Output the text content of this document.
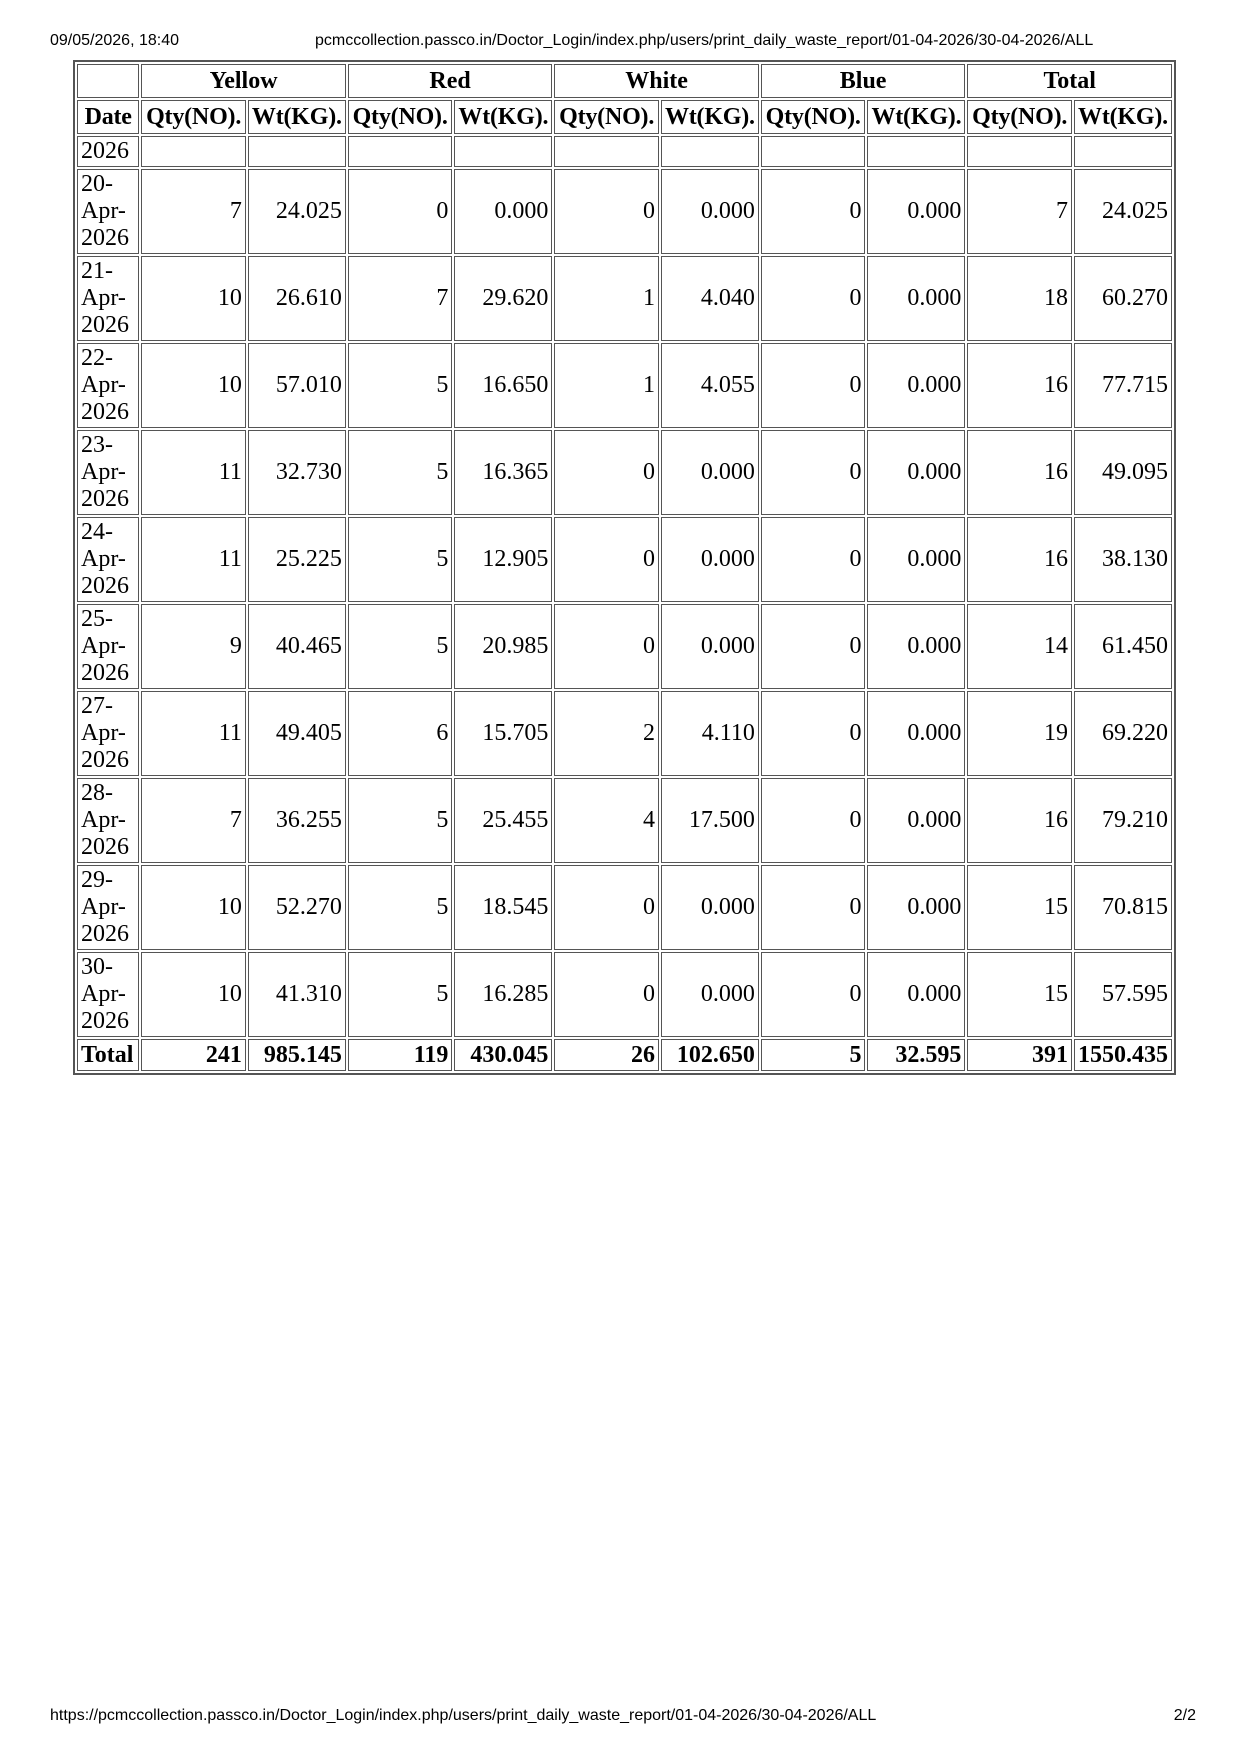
09/05/2026, 18:40	pcmccollection.passco.in/Doctor_Login/index.php/users/print_daily_waste_report/01-04-2026/30-04-2026/ALL
	Yellow		Red		White		Blue		Total	
Date	Qty(NO).	Wt(KG).	Qty(NO).	Wt(KG).	Qty(NO).	Wt(KG).	Qty(NO).	Wt(KG).	Qty(NO).	Wt(KG).
2026										

20-
Apr-
2026	7	24.025	0	0.000	0	0.000	0	0.000	7	24.025

21-
Apr-
2026	10	26.610	7	29.620	1	4.040	0	0.000	18	60.270

22-
Apr-
2026	10	57.010	5	16.650	1	4.055	0	0.000	16	77.715

23-
Apr-
2026	11	32.730	5	16.365	0	0.000	0	0.000	16	49.095

24-
Apr-
2026	11	25.225	5	12.905	0	0.000	0	0.000	16	38.130

25-
Apr-
2026	9	40.465	5	20.985	0	0.000	0	0.000	14	61.450

27-
Apr-
2026	11	49.405	6	15.705	2	4.110	0	0.000	19	69.220

28-
Apr-
2026	7	36.255	5	25.455	4	17.500	0	0.000	16	79.210

29-
Apr-
2026	10	52.270	5	18.545	0	0.000	0	0.000	15	70.815

30-
Apr-
2026	10	41.310	5	16.285	0	0.000	0	0.000	15	57.595
Total	241	985.145	119	430.045	26	102.650	5	32.595	391	1550.435
https://pcmccollection.passco.in/Doctor_Login/index.php/users/print_daily_waste_report/01-04-2026/30-04-2026/ALL	2/2
